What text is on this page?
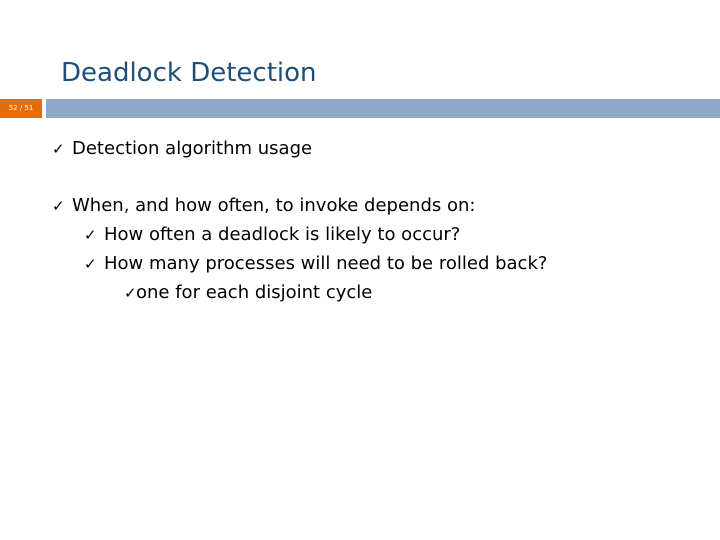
Deadlock Detection
52 / 51
✓ Detection algorithm usage
✓ When, and how often, to invoke depends on:
✓ How often a deadlock is likely to occur?
✓ How many processes will need to be rolled back?
✓one for each disjoint cycle
